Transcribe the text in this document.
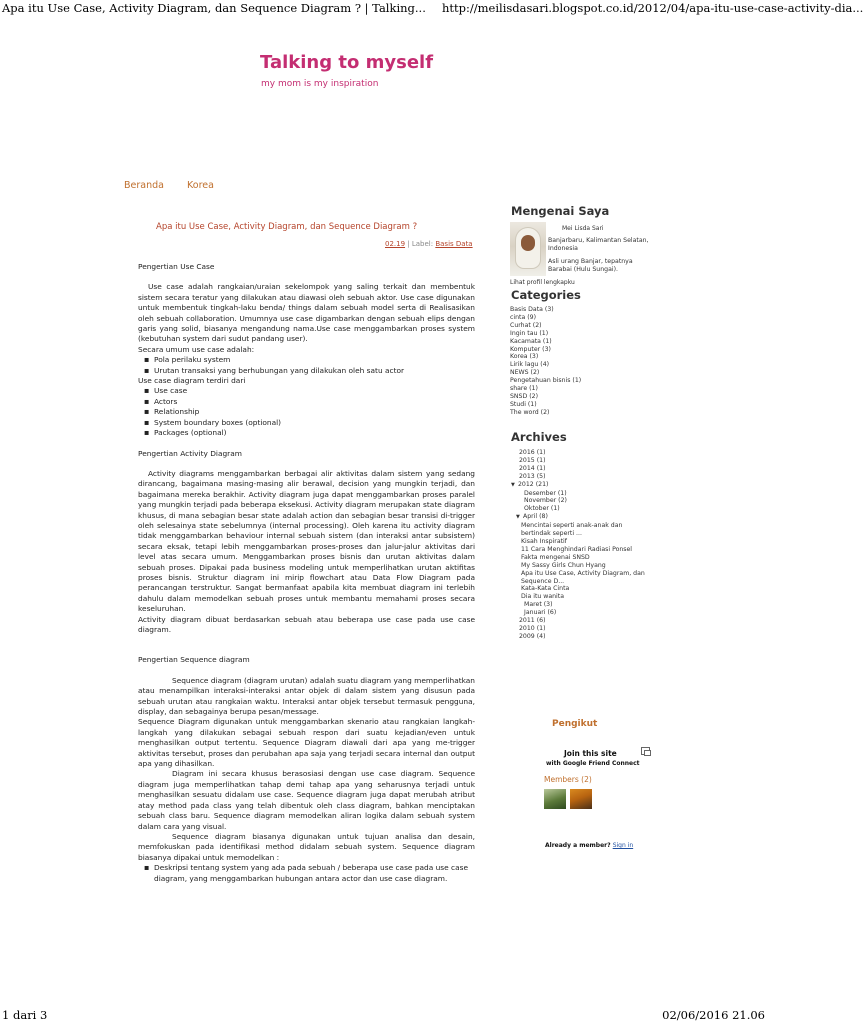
Apa itu Use Case, Activity Diagram, dan Sequence Diagram ? | Talking... http://meilisdasari.blogspot.co.id/2012/04/apa-itu-use-case-activity-dia...
Talking to myself
my mom is my inspiration
Beranda Korea
Apa itu Use Case, Activity Diagram, dan Sequence Diagram ?
02.19 | Label: Basis Data
Pengertian Use Case

Use case adalah rangkaian/uraian sekelompok yang saling terkait dan membentuk sistem secara teratur yang dilakukan atau diawasi oleh sebuah aktor. Use case digunakan untuk membentuk tingkah-laku benda/ things dalam sebuah model serta di Realisasikan oleh sebuah collaboration. Umumnya use case digambarkan dengan sebuah elips dengan garis yang solid, biasanya mengandung nama.Use case menggambarkan proses system (kebutuhan system dari sudut pandang user).

Secara umum use case adalah:
▪ Pola perilaku system
▪ Urutan transaksi yang berhubungan yang dilakukan oleh satu actor
Use case diagram terdiri dari
▪ Use case
▪ Actors
▪ Relationship
▪ System boundary boxes (optional)
▪ Packages (optional)
Pengertian Activity Diagram

Activity diagrams menggambarkan berbagai alir aktivitas dalam sistem yang sedang dirancang, bagaimana masing-masing alir berawal, decision yang mungkin terjadi, dan bagaimana mereka berakhir. Activity diagram juga dapat menggambarkan proses paralel yang mungkin terjadi pada beberapa eksekusi. Activity diagram merupakan state diagram khusus, di mana sebagian besar state adalah action dan sebagian besar transisi di-trigger oleh selesainya state sebelumnya (internal processing). Oleh karena itu activity diagram tidak menggambarkan behaviour internal sebuah sistem (dan interaksi antar subsistem) secara eksak, tetapi lebih menggambarkan proses-proses dan jalur-jalur aktivitas dari level atas secara umum. Menggambarkan proses bisnis dan urutan aktivitas dalam sebuah proses. Dipakai pada business modeling untuk memperlihatkan urutan aktifitas proses bisnis. Struktur diagram ini mirip flowchart atau Data Flow Diagram pada perancangan terstruktur. Sangat bermanfaat apabila kita membuat diagram ini terlebih dahulu dalam memodelkan sebuah proses untuk membantu memahami proses secara keseluruhan.

Activity diagram dibuat berdasarkan sebuah atau beberapa use case pada use case diagram.

Pengertian Sequence diagram

Sequence diagram (diagram urutan) adalah suatu diagram yang memperlihatkan atau menampilkan interaksi-interaksi antar objek di dalam sistem yang disusun pada sebuah urutan atau rangkaian waktu. Interaksi antar objek tersebut termasuk pengguna, display, dan sebagainya berupa pesan/message.

Sequence Diagram digunakan untuk menggambarkan skenario atau rangkaian langkah-langkah yang dilakukan sebagai sebuah respon dari suatu kejadian/even untuk menghasilkan output tertentu. Sequence Diagram diawali dari apa yang me-trigger aktivitas tersebut, proses dan perubahan apa saja yang terjadi secara internal dan output apa yang dihasilkan.

Diagram ini secara khusus berasosiasi dengan use case diagram. Sequence diagram juga memperlihatkan tahap demi tahap apa yang seharusnya terjadi untuk menghasilkan sesuatu didalam use case. Sequence diagram juga dapat merubah atribut atay method pada class yang telah dibentuk oleh class diagram, bahkan menciptakan sebuah class baru. Sequence diagram memodelkan aliran logika dalam sebuah system dalam cara yang visual.

Sequence diagram biasanya digunakan untuk tujuan analisa dan desain, memfokuskan pada identifikasi method didalam sebuah system. Sequence diagram biasanya dipakai untuk memodelkan :

▪ Deskripsi tentang system yang ada pada sebuah / beberapa use case pada use case diagram, yang menggambarkan hubungan antara actor dan use case diagram.
Mengenai Saya
Mei Lisda Sari
Banjarbaru, Kalimantan Selatan, Indonesia
Asli urang Banjar, tepatnya Barabai (Hulu Sungai).
Lihat profil lengkapku
Categories
Basis Data (3)
cinta (9)
Curhat (2)
Ingin tau (1)
Kacamata (1)
Komputer (3)
Korea (3)
Lirik lagu (4)
NEWS (2)
Pengetahuan bisnis (1)
share (1)
SNSD (2)
Studi (1)
The word (2)
Archives
2016 (1)
2015 (1)
2014 (1)
2013 (5)
▼ 2012 (21)
Desember (1)
November (2)
Oktober (1)
▼ April (8)
Mencintai seperti anak-anak dan bertindak seperti ...
Kisah Inspiratif
11 Cara Menghindari Radiasi Ponsel
Fakta mengenai SNSD
My Sassy Girls Chun Hyang
Apa itu Use Case, Activity Diagram, dan Sequence D...
Kata-Kata Cinta
Dia itu wanita
Maret (3)
Januari (6)
2011 (6)
2010 (1)
2009 (4)
Pengikut
Join this site
with Google Friend Connect
Members (2)
Already a member? Sign in
1 dari 3	02/06/2016 21.06
